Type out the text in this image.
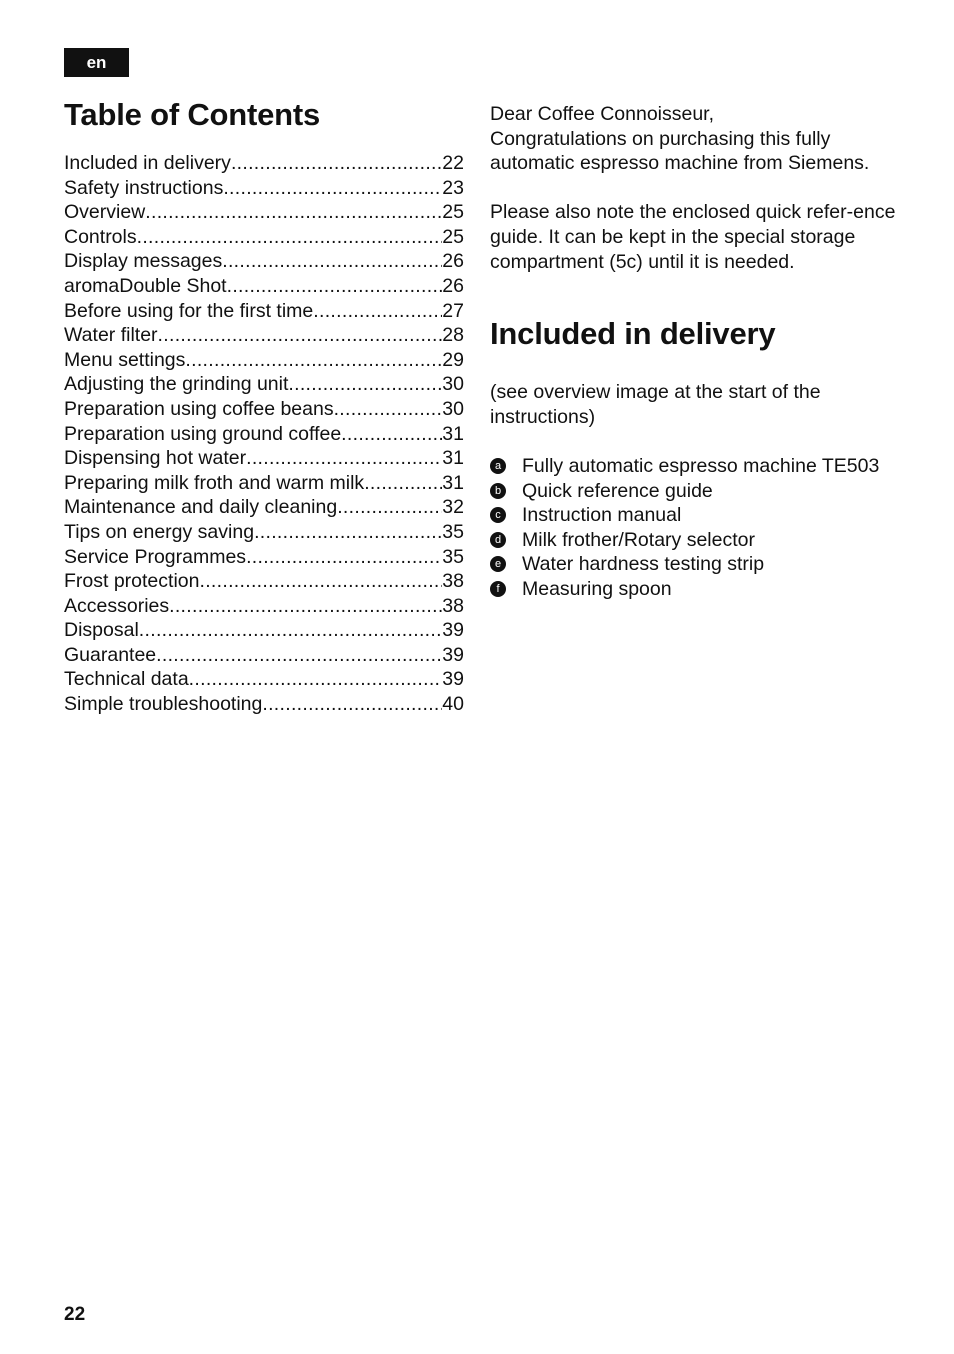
en
Table of Contents
Included in delivery .....	22
Safety instructions .....	23
Overview .....	25
Controls .....	25
Display messages .....	26
aromaDouble Shot .....	26
Before using for the first time .....	27
Water filter .....	28
Menu settings .....	29
Adjusting the grinding unit .....	30
Preparation using coffee beans .....	30
Preparation using ground coffee .....	31
Dispensing hot water .....	31
Preparing milk froth and warm milk .....	31
Maintenance and daily cleaning .....	32
Tips on energy saving .....	35
Service Programmes .....	35
Frost protection .....	38
Accessories .....	38
Disposal .....	39
Guarantee .....	39
Technical data .....	39
Simple troubleshooting .....	40

Dear Coffee Connoisseur,
Congratulations on purchasing this fully automatic espresso machine from Siemens.

Please also note the enclosed quick refer-ence guide. It can be kept in the special storage compartment (5c) until it is needed.

Included in delivery

(see overview image at the start of the instructions)

a Fully automatic espresso machine TE503
b Quick reference guide
c Instruction manual
d Milk frother/Rotary selector
e Water hardness testing strip
f	Measuring spoon
22
